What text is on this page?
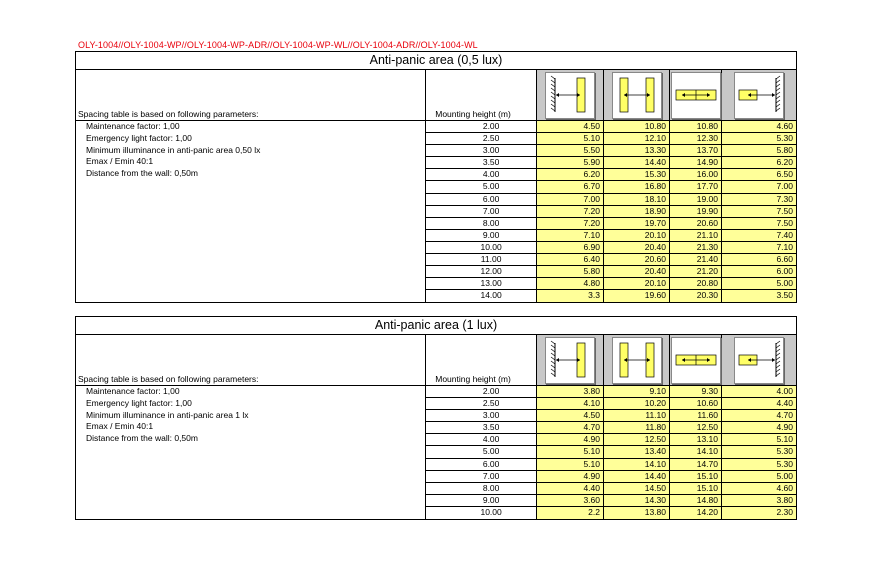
OLY-1004//OLY-1004-WP//OLY-1004-WP-ADR//OLY-1004-WP-WL//OLY-1004-ADR//OLY-1004-WL
Anti-panic area (0,5 lux)
Spacing table is based on following parameters:
Maintenance factor: 1,00
Emergency light factor: 1,00
Minimum illuminance in anti-panic area 0,50 lx
Emax / Emin 40:1
Distance from the wall: 0,50m
Mounting height (m)
2.00
2.50
3.00
3.50
4.00
5.00
6.00
7.00
8.00
9.00
10.00
11.00
12.00
13.00
14.00
4.50
5.10
5.50
5.90
6.20
6.70
7.00
7.20
7.20
7.10
6.90
6.40
5.80
4.80
3.3
10.80
12.10
13.30
14.40
15.30
16.80
18.10
18.90
19.70
20.10
20.40
20.60
20.40
20.10
19.60
10.80
12.30
13.70
14.90
16.00
17.70
19.00
19.90
20.60
21.10
21.30
21.40
21.20
20.80
20.30
4.60
5.30
5.80
6.20
6.50
7.00
7.30
7.50
7.50
7.40
7.10
6.60
6.00
5.00
3.50
Anti-panic area (1 lux)
Spacing table is based on following parameters:
Maintenance factor: 1,00
Emergency light factor: 1,00
Minimum illuminance in anti-panic area 1 lx
Emax / Emin 40:1
Distance from the wall: 0,50m
Mounting height (m)
2.00
2.50
3.00
3.50
4.00
5.00
6.00
7.00
8.00
9.00
10.00
3.80
4.10
4.50
4.70
4.90
5.10
5.10
4.90
4.40
3.60
2.2
9.10
10.20
11.10
11.80
12.50
13.40
14.10
14.40
14.50
14.30
13.80
9.30
10.60
11.60
12.50
13.10
14.10
14.70
15.10
15.10
14.80
14.20
4.00
4.40
4.70
4.90
5.10
5.30
5.30
5.00
4.60
3.80
2.30
